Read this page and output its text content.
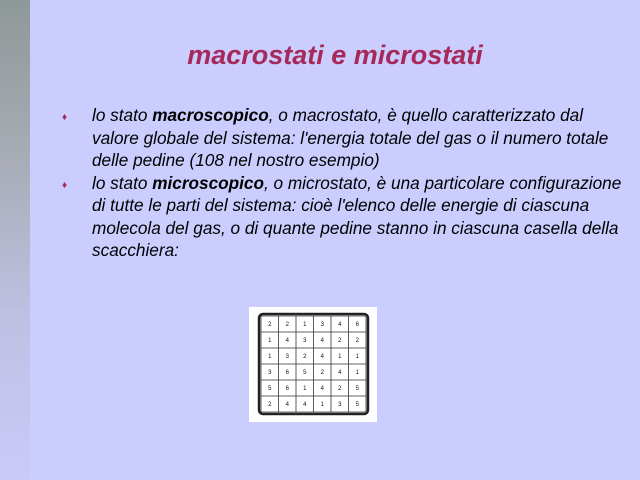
macrostati e microstati
♦ lo stato macroscopico, o macrostato, è quello caratterizzato dal valore globale del sistema: l'energia totale del gas o il numero totale delle pedine (108 nel nostro esempio)
♦ lo stato microscopico, o microstato, è una particolare configurazione di tutte le parti del sistema: cioè l'elenco delle energie di ciascuna molecola del gas, o di quante pedine stanno in ciascuna casella della scacchiera:
2 2 1 3 4 6
1 4 3 4 2 2
1 3 2 4 1 1
3 6 5 2 4 1
5 6 1 4 2 5
2 4 4 1 3 5
